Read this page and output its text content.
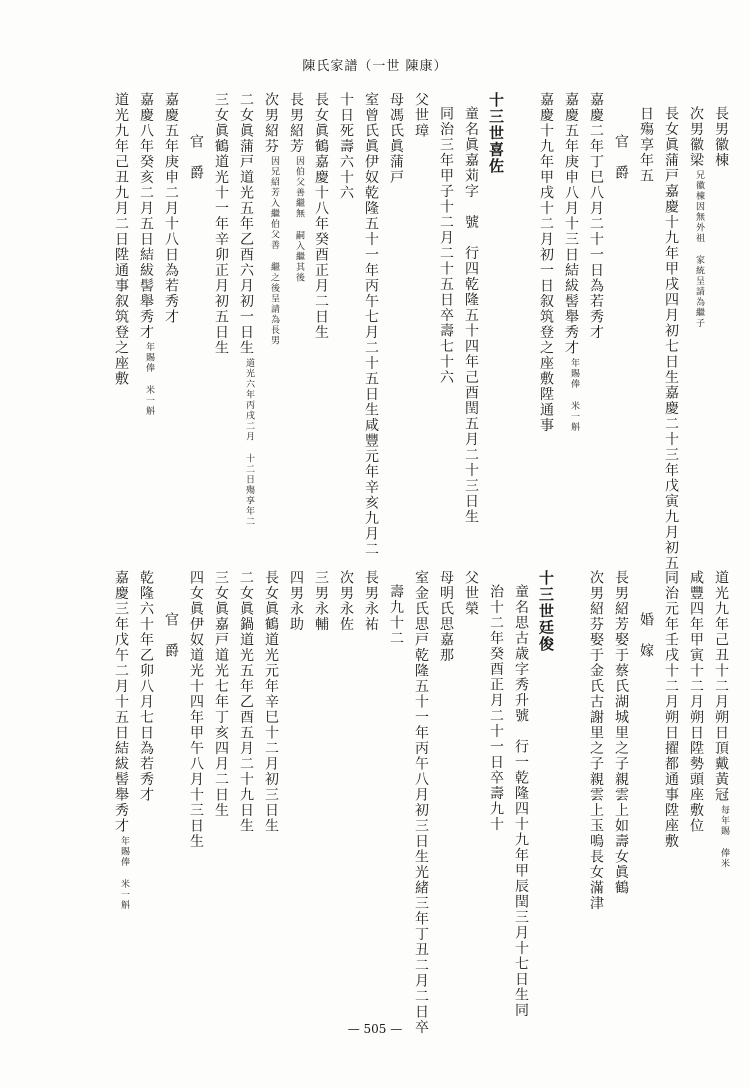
陳氏家譜（一世 陳康）
長男徽棟
次男徽梁兄徽棟因無外祖 家統呈請為繼子
長女眞蒲戸嘉慶十九年甲戌四月初七日生嘉慶二十三年戊寅九月初五
日殤享年五
官　爵
嘉慶二年丁巳八月二十一日為若秀才
嘉慶五年庚申八月十三日結紱髻舉秀才年賜俸 米一斛
嘉慶十九年甲戌十二月初一日叙筑登之座敷陞通事
十三世喜佐
童名眞嘉苅字　號　行四乾隆五十四年己酉閏五月二十三日生
同治三年甲子十二月二十五日卒壽七十六
父世璋
母馮氏眞蒲戸
室曾氏眞伊奴乾隆五十一年丙午七月二十五日生咸豐元年辛亥九月二
十日死壽六十六
長女眞鶴嘉慶十八年癸酉正月二日生
長男紹芳因伯父善繼無 嗣入繼其後
次男紹芬因兄紹芳入繼伯父善 繼之後呈請為長男
二女眞蒲戸道光五年乙酉六月初一日生道光六年丙戌二月 十二日殤享年二
三女眞鶴道光十一年辛卯正月初五日生
官　爵
嘉慶五年庚申二月十八日為若秀才
嘉慶八年癸亥二月五日結紱髻舉秀才年賜俸 米一斛
道光九年己丑九月二日陞通事叙筑登之座敷
道光九年己丑十二月朔日頂戴黃冠每年賜 俸米
咸豐四年甲寅十二月朔日陞勢頭座敷位
同治元年壬戌十二月朔日擢都通事陞座敷
婚　嫁
長男紹芳娶于蔡氏湖城里之子親雲上如壽女眞鶴
次男紹芬娶于金氏古謝里之子親雲上玉鳴長女滿津
十三世廷俊
童名思古歳字秀升號　行一乾隆四十九年甲辰閏三月十七日生同
治十二年癸酉正月二十一日卒壽九十
父世榮
母明氏思嘉那
室金氏思戸乾隆五十一年丙午八月初三日生光緒三年丁丑二月二日卒
壽九十二
長男永祐
次男永佐
三男永輔
四男永助
長女眞鶴道光元年辛巳十二月初三日生
二女眞鍋道光五年乙酉五月二十九日生
三女眞嘉戸道光七年丁亥四月二日生
四女眞伊奴道光十四年甲午八月十三日生
官　爵
乾隆六十年乙卯八月七日為若秀才
嘉慶三年戊午二月十五日結紱髻舉秀才年賜俸 米一斛
— 505 —
